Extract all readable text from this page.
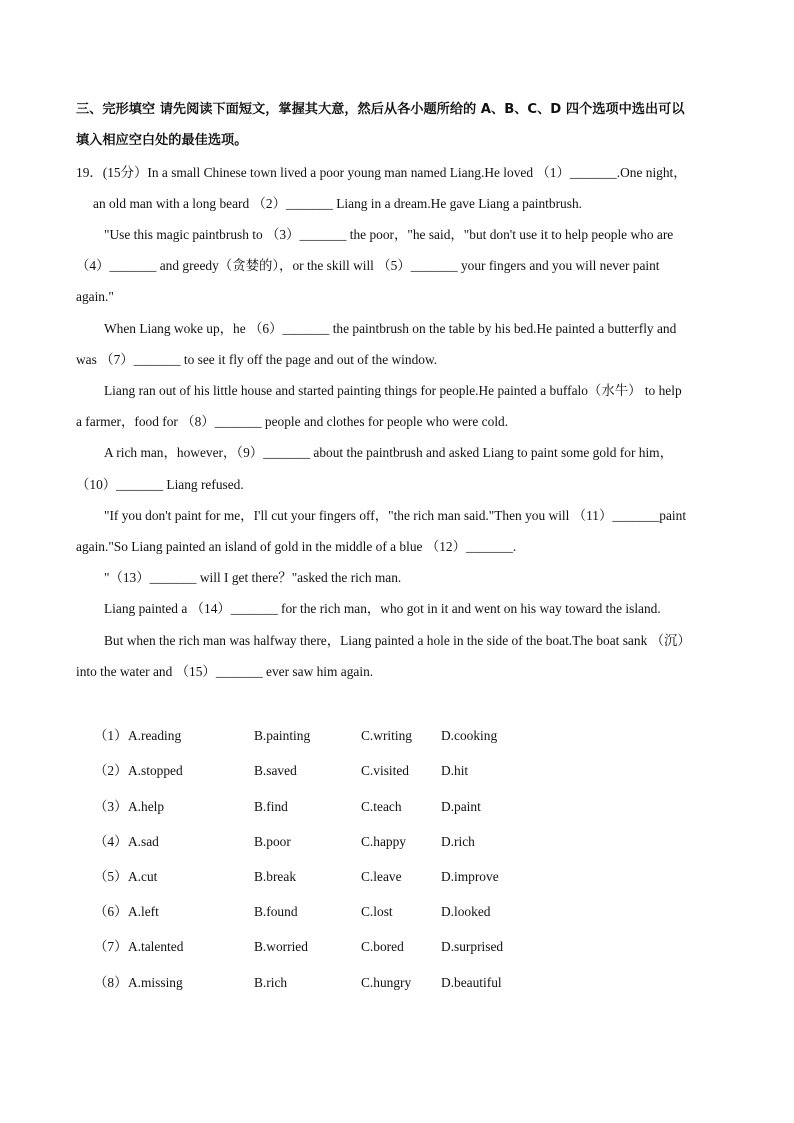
三、完形填空 请先阅读下面短文，掌握其大意，然后从各小题所给的 A、B、C、D 四个选项中选出可以
填入相应空白处的最佳选项。
19．(15分）In a small Chinese town lived a poor young man named Liang.He loved （1）_______.One night，
an old man with a long beard （2）_______ Liang in a dream.He gave Liang a paintbrush.
"Use this magic paintbrush to （3）_______ the poor，"he said，"but don't use it to help people who are
（4）_______ and greedy（贪婪的），or the skill will （5）_______ your fingers and you will never paint
again."
When Liang woke up，he （6）_______ the paintbrush on the table by his bed.He painted a butterfly and
was （7）_______ to see it fly off the page and out of the window.
Liang ran out of his little house and started painting things for people.He painted a buffalo（水牛） to help
a farmer，food for （8）_______ people and clothes for people who were cold.
A rich man，however，（9）_______ about the paintbrush and asked Liang to paint some gold for him，
（10）_______ Liang refused.
"If you don't paint for me，I'll cut your fingers off，"the rich man said."Then you will （11）_______paint
again."So Liang painted an island of gold in the middle of a blue （12）_______.
"（13）_______ will I get there？"asked the rich man.
Liang painted a （14）_______ for the rich man，who got in it and went on his way toward the island.
But when the rich man was halfway there，Liang painted a hole in the side of the boat.The boat sank （沉）
into the water and （15）_______ ever saw him again.
（1） A.reading	B.painting	C.writing D.cooking
（2） A.stopped	B.saved	C.visited D.hit
（3） A.help	B.find	C.teach	D.paint
（4） A.sad	B.poor	C.happy	D.rich
（5） A.cut	B.break	C.leave	D.improve
（6） A.left	B.found	C.lost	D.looked
（7） A.talented	B.worried	C.bored	D.surprised
（8） A.missing	B.rich	C.hungry D.beautiful
